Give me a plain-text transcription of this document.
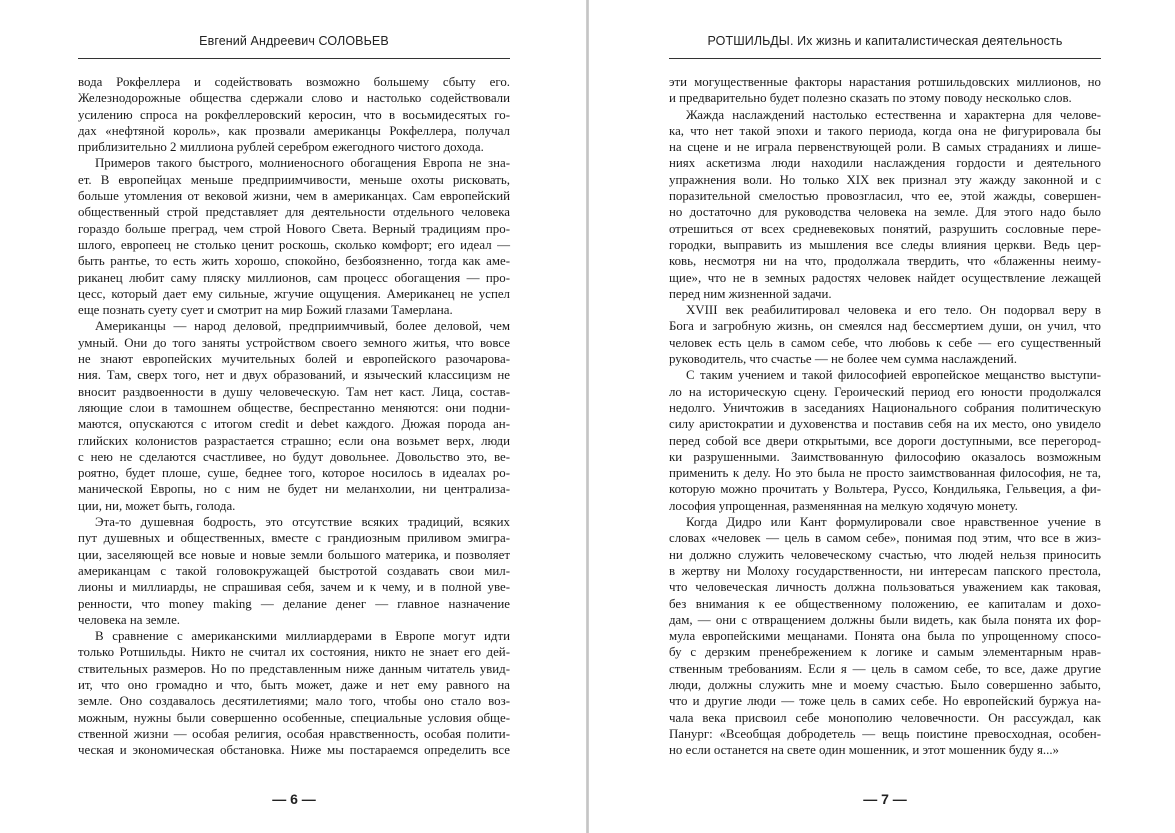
Евгений Андреевич СОЛОВЬЕВ
вода Рокфеллера и содействовать возможно большему сбыту его.
Железнодорожные общества сдержали слово и настолько содействовали
усилению спроса на рокфеллеровский керосин, что в восьмидесятых го-
дах «нефтяной король», как прозвали американцы Рокфеллера, получал
приблизительно 2 миллиона рублей серебром ежегодного чистого дохода.
Примеров такого быстрого, молниеносного обогащения Европа не зна-
ет. В европейцах меньше предприимчивости, меньше охоты рисковать,
больше утомления от вековой жизни, чем в американцах. Сам европейский
общественный строй представляет для деятельности отдельного человека
гораздо больше преград, чем строй Нового Света. Верный традициям про-
шлого, европеец не столько ценит роскошь, сколько комфорт; его идеал —
быть рантье, то есть жить хорошо, спокойно, безбоязненно, тогда как аме-
риканец любит саму пляску миллионов, сам процесс обогащения — про-
цесс, который дает ему сильные, жгучие ощущения. Американец не успел
еще познать суету сует и смотрит на мир Божий глазами Тамерлана.
Американцы — народ деловой, предприимчивый, более деловой, чем
умный. Они до того заняты устройством своего земного житья, что вовсе
не знают европейских мучительных болей и европейского разочарова-
ния. Там, сверх того, нет и двух образований, и языческий классицизм не
вносит раздвоенности в душу человеческую. Там нет каст. Лица, состав-
ляющие слои в тамошнем обществе, беспрестанно меняются: они подни-
маются, опускаются с итогом credit и debet каждого. Дюжая порода ан-
глийских колонистов разрастается страшно; если она возьмет верх, люди
с нею не сделаются счастливее, но будут довольнее. Довольство это, ве-
роятно, будет плоше, суше, беднее того, которое носилось в идеалах ро-
манической Европы, но с ним не будет ни меланхолии, ни централиза-
ции, ни, может быть, голода.
Эта-то душевная бодрость, это отсутствие всяких традиций, всяких
пут душевных и общественных, вместе с грандиозным приливом эмигра-
ции, заселяющей все новые и новые земли большого материка, и позволяет
американцам с такой головокружащей быстротой создавать свои мил-
лионы и миллиарды, не спрашивая себя, зачем и к чему, и в полной уве-
ренности, что money making — делание денег — главное назначение
человека на земле.
В сравнение с американскими миллиардерами в Европе могут идти
только Ротшильды. Никто не считал их состояния, никто не знает его дей-
ствительных размеров. Но по представленным ниже данным читатель увид-
ит, что оно громадно и что, быть может, даже и нет ему равного на
земле. Оно создавалось десятилетиями; мало того, чтобы оно стало воз-
можным, нужны были совершенно особенные, специальные условия обще-
ственной жизни — особая религия, особая нравственность, особая полити-
ческая и экономическая обстановка. Ниже мы постараемся определить все
— 6 —
РОТШИЛЬДЫ. Их жизнь и капиталистическая деятельность
эти могущественные факторы нарастания ротшильдовских миллионов, но
и предварительно будет полезно сказать по этому поводу несколько слов.
Жажда наслаждений настолько естественна и характерна для челове-
ка, что нет такой эпохи и такого периода, когда она не фигурировала бы
на сцене и не играла первенствующей роли. В самых страданиях и лише-
ниях аскетизма люди находили наслаждения гордости и деятельного
упражнения воли. Но только XIX век признал эту жажду законной и с
поразительной смелостью провозгласил, что ее, этой жажды, совершен-
но достаточно для руководства человека на земле. Для этого надо было
отрешиться от всех средневековых понятий, разрушить сословные пере-
городки, выправить из мышления все следы влияния церкви. Ведь цер-
ковь, несмотря ни на что, продолжала твердить, что «блаженны неиму-
щие», что не в земных радостях человек найдет осуществление лежащей
перед ним жизненной задачи.
XVIII век реабилитировал человека и его тело. Он подорвал веру в
Бога и загробную жизнь, он смеялся над бессмертием души, он учил, что
человек есть цель в самом себе, что любовь к себе — его существенный
руководитель, что счастье — не более чем сумма наслаждений.
С таким учением и такой философией европейское мещанство выступи-
ло на историческую сцену. Героический период его юности продолжался
недолго. Уничтожив в заседаниях Национального собрания политическую
силу аристократии и духовенства и поставив себя на их место, оно увидело
перед собой все двери открытыми, все дороги доступными, все перегород-
ки разрушенными. Заимствованную философию оказалось возможным
применить к делу. Но это была не просто заимствованная философия, не та,
которую можно прочитать у Вольтера, Руссо, Кондильяка, Гельвеция, а фи-
лософия упрощенная, разменянная на мелкую ходячую монету.
Когда Дидро или Кант формулировали свое нравственное учение в
словах «человек — цель в самом себе», понимая под этим, что все в жиз-
ни должно служить человеческому счастью, что людей нельзя приносить
в жертву ни Молоху государственности, ни интересам папского престола,
что человеческая личность должна пользоваться уважением как таковая,
без внимания к ее общественному положению, ее капиталам и дохо-
дам, — они с отвращением должны были видеть, как была понята их фор-
мула европейскими мещанами. Понята она была по упрощенному спосо-
бу с дерзким пренебрежением к логике и самым элементарным нрав-
ственным требованиям. Если я — цель в самом себе, то все, даже другие
люди, должны служить мне и моему счастью. Было совершенно забыто,
что и другие люди — тоже цель в самих себе. Но европейский буржуа на-
чала века присвоил себе монополию человечности. Он рассуждал, как
Панург: «Всеобщая добродетель — вещь поистине превосходная, особен-
но если останется на свете один мошенник, и этот мошенник буду я...»
— 7 —
